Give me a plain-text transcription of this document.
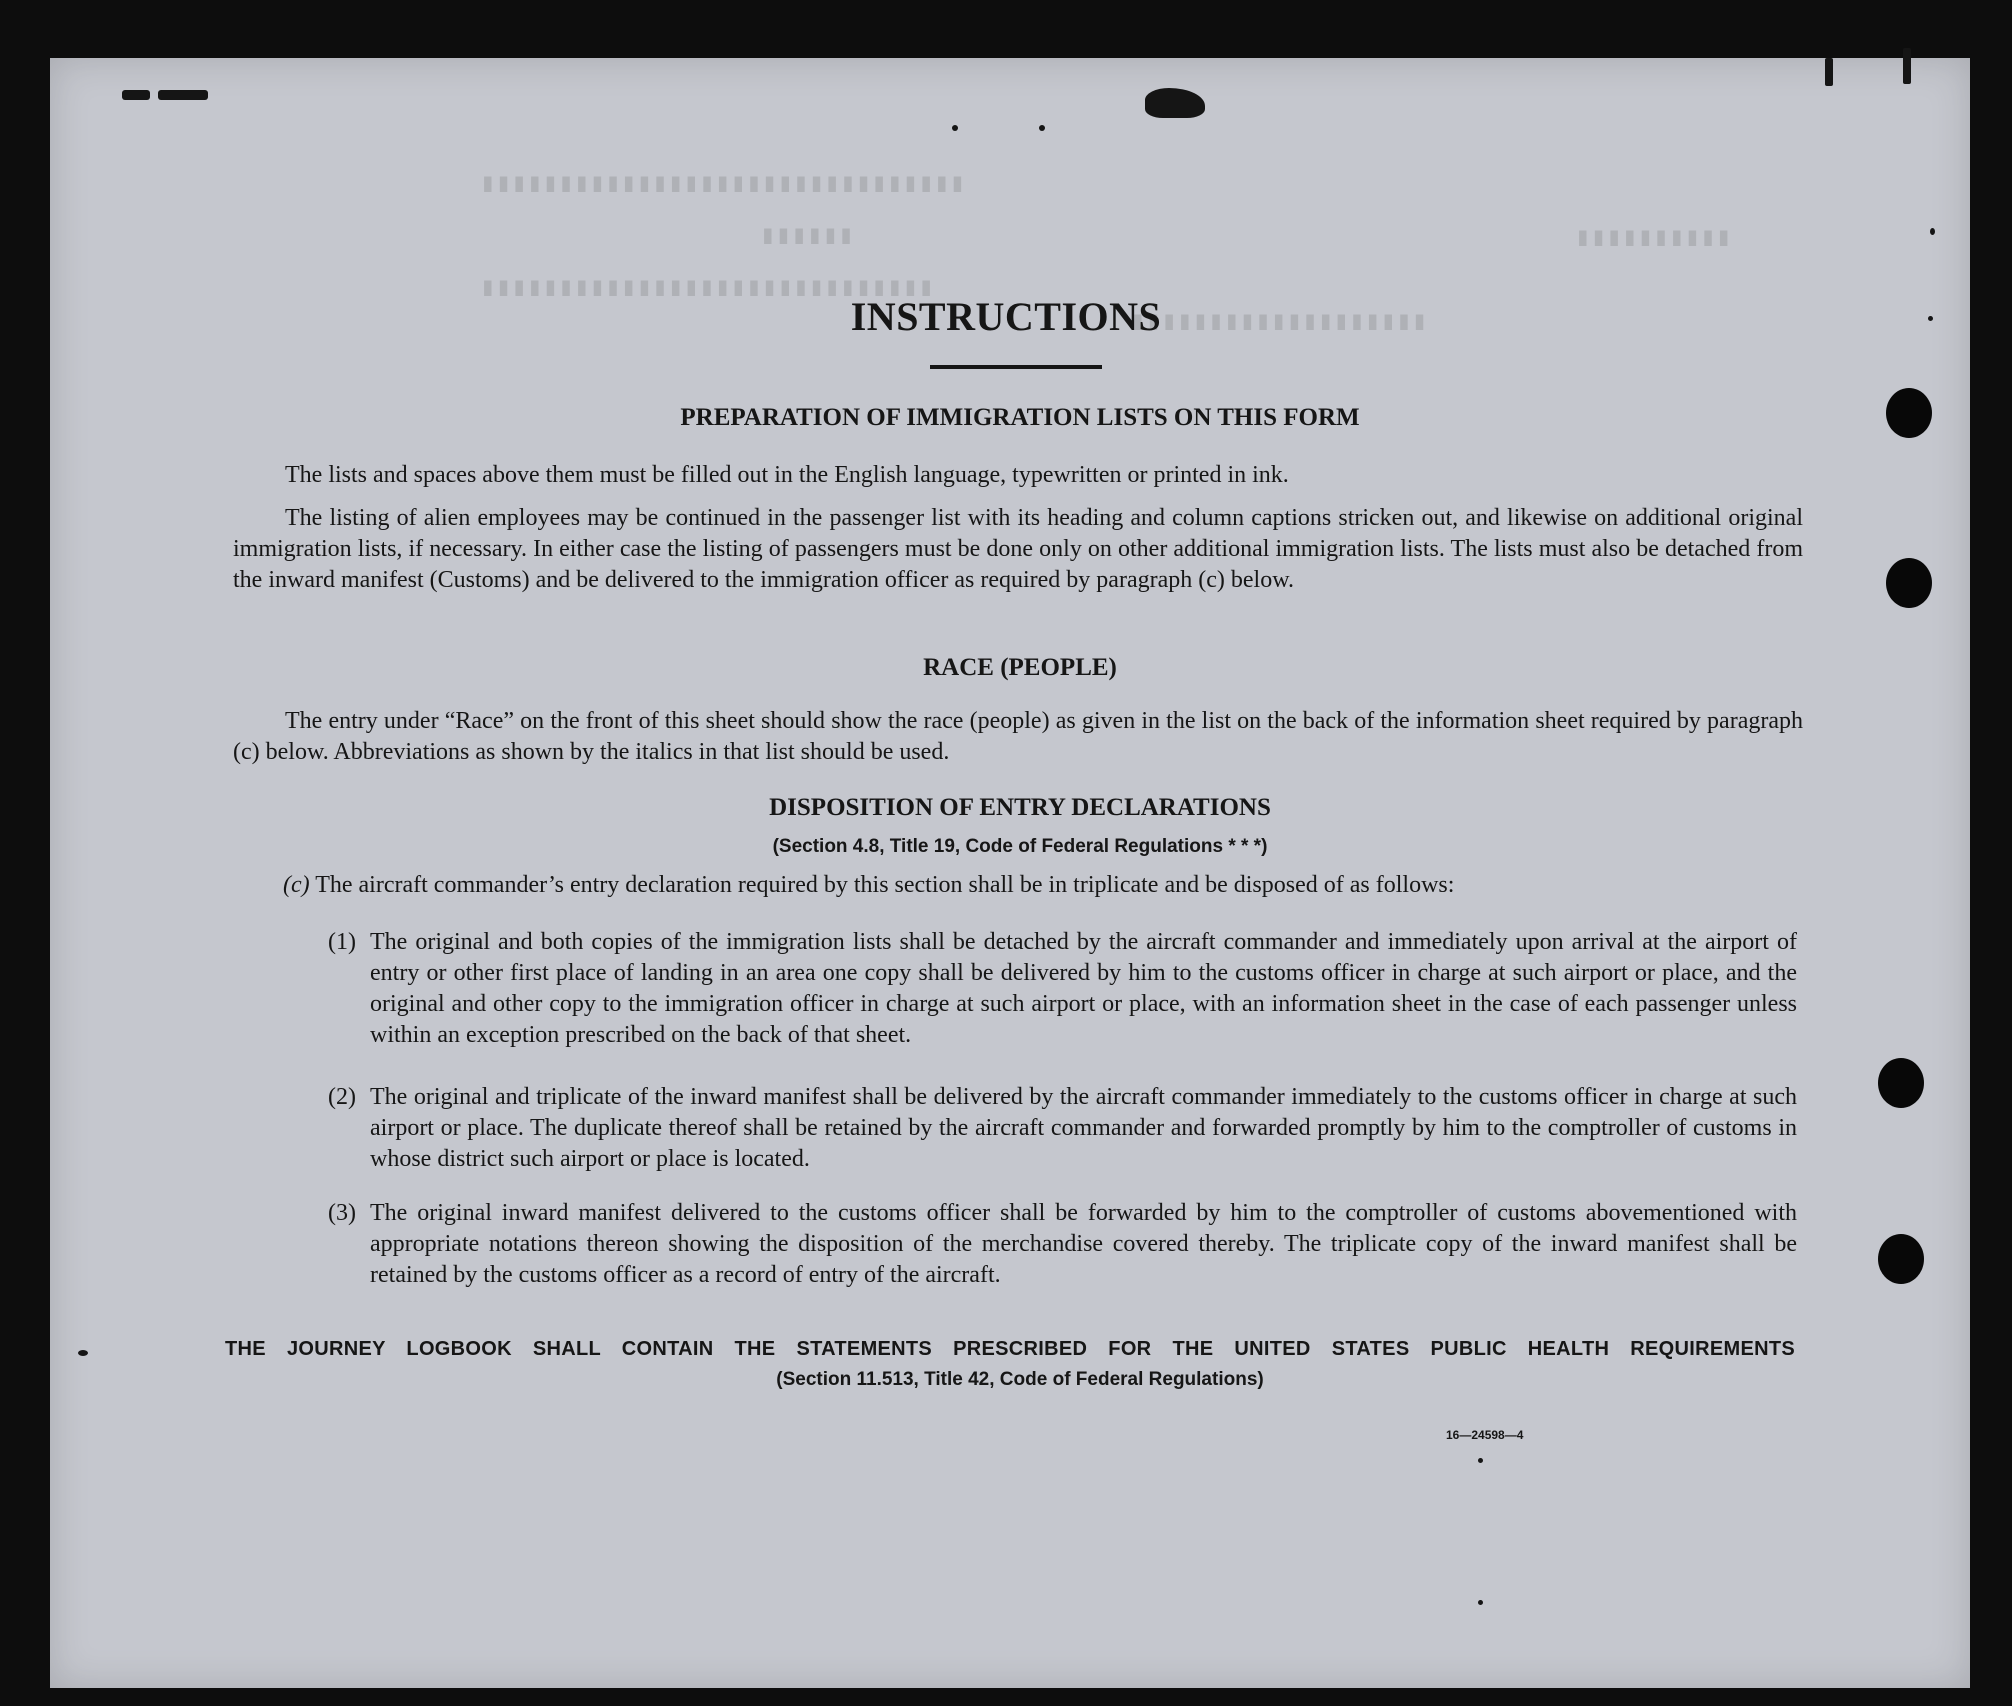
▮▮▮▮▮▮▮▮▮▮▮▮▮▮▮▮▮▮▮▮▮▮▮▮▮▮▮▮▮▮▮
▮▮▮▮▮▮	▮▮▮▮▮▮▮▮▮▮
▮▮▮▮▮▮▮▮▮▮▮▮▮▮▮▮▮▮▮▮▮▮▮▮▮▮▮▮▮
▮▮▮▮▮▮▮▮▮▮▮▮▮▮▮▮▮▮▮
INSTRUCTIONS
PREPARATION OF IMMIGRATION LISTS ON THIS FORM
The lists and spaces above them must be filled out in the English language, typewritten or printed in ink.
The listing of alien employees may be continued in the passenger list with its heading and column captions stricken out, and likewise on additional original immigration lists, if necessary. In either case the listing of passengers must be done only on other additional immigration lists. The lists must also be detached from the inward manifest (Customs) and be delivered to the immigration officer as required by paragraph (c) below.
RACE (PEOPLE)
The entry under “Race” on the front of this sheet should show the race (people) as given in the list on the back of the information sheet required by paragraph (c) below. Abbreviations as shown by the italics in that list should be used.
DISPOSITION OF ENTRY DECLARATIONS
(Section 4.8, Title 19, Code of Federal Regulations * * *)
(c) The aircraft commander’s entry declaration required by this section shall be in triplicate and be disposed of as follows:
(1) The original and both copies of the immigration lists shall be detached by the aircraft commander and immediately upon arrival at the airport of entry or other first place of landing in an area one copy shall be delivered by him to the customs officer in charge at such airport or place, and the original and other copy to the immigration officer in charge at such airport or place, with an information sheet in the case of each passenger unless within an exception prescribed on the back of that sheet.
(2) The original and triplicate of the inward manifest shall be delivered by the aircraft commander immediately to the customs officer in charge at such airport or place. The duplicate thereof shall be retained by the aircraft commander and forwarded promptly by him to the comptroller of customs in whose district such airport or place is located.
(3) The original inward manifest delivered to the customs officer shall be forwarded by him to the comptroller of customs abovementioned with appropriate notations thereon showing the disposition of the merchandise covered thereby. The triplicate copy of the inward manifest shall be retained by the customs officer as a record of entry of the aircraft.
THE JOURNEY LOGBOOK SHALL CONTAIN THE STATEMENTS PRESCRIBED FOR THE UNITED STATES PUBLIC HEALTH REQUIREMENTS
(Section 11.513, Title 42, Code of Federal Regulations)
16—24598—4
